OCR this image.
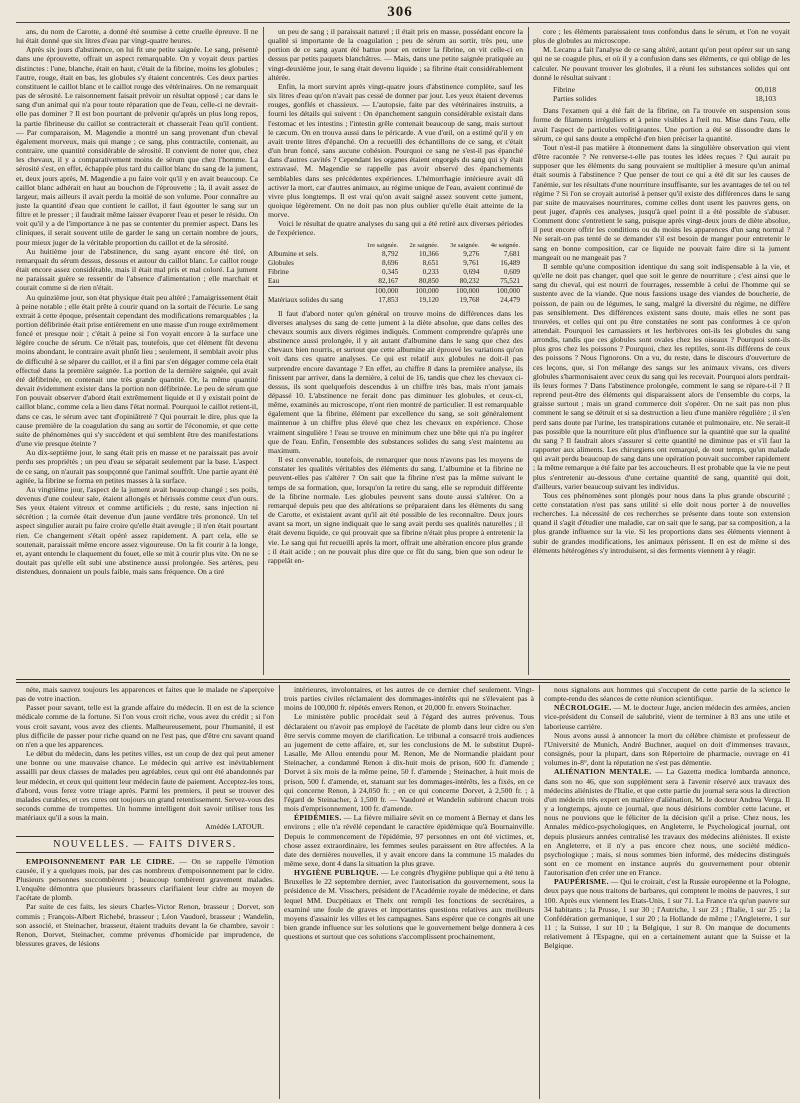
306

ans, du nom de Carotte, a donné été soumise à cette cruelle épreuve. Il ne lui était donné que six litres d'eau par vingt-quatre heures.

Après six jours d'abstinence, on lui fit une petite saignée. Le sang, présenté dans une éprouvette, offrait un aspect remarquable. On y voyait deux parties distinctes : l'une, blanche, était en haut, c'était de la fibrine, moins les globules ; l'autre, rouge, était en bas, les globules s'y étaient concentrés. Ces deux parties constituent le caillot blanc et le caillot rouge des vétérinaires. On ne remarquait pas de sérosité. Le raisonnement faisait prévoir un résultat opposé ; car dans le sang d'un animal qui n'a pour toute réparation que de l'eau, celle-ci ne devrait-elle pas dominer ? Il est bon pourtant de prévenir qu'après un plus long repos, la partie fibrineuse du caillot se contracterait et chasserait l'eau qu'il contient. — Par comparaison, M. Magendie a montré un sang provenant d'un cheval également morveux, mais qui mange ; ce sang, plus contractile, contenait, au contraire, une quantité considérable de sérosité. Il convient de noter que, chez les chevaux, il y a comparativement moins de sérum que chez l'homme. La sérosité s'est, en effet, échappée plus tard du caillot blanc du sang de la jument, et, deux jours après, M. Magendie a pu faire voir qu'il y en avait beaucoup. Ce caillot blanc adhérait en haut au bouchon de l'éprouvette ; là, il avait assez de largeur, mais ailleurs il avait perdu la moitié de son volume. Pour connaître au juste la quantité d'eau que contient le caillot, il faut égoutter le sang sur un filtre et le presser ; il faudrait même laisser évaporer l'eau et peser le résidu. On voit qu'il y a de l'importance à ne pas se contenter du premier aspect. Dans les cliniques, il serait souvent utile de garder le sang un certain nombre de jours, pour mieux juger de la véritable proportion du caillot et de la sérosité.

Au huitième jour de l'abstinence, du sang ayant encore été tiré, on remarquait du sérum dessus, dessous et autour du caillot blanc. Le caillot rouge était encore assez considérable, mais il était mal pris et mal coloré. La jument ne paraissait guère se ressentir de l'absence d'alimentation ; elle marchait et courait comme si de rien n'était.

Au quinzième jour, son état physique était peu altéré ; l'amaigrissement était à peine notable ; elle était prête à courir quand on la sortait de l'écurie. Le sang extrait à cette époque, présentait cependant des modifications remarquables ; la portion défibrinée était prise entièrement en une masse d'un rouge extrêmement foncé et presque noir ; c'était à peine si l'on voyait encore à la surface une légère couche de sérum. Ce n'était pas, toutefois, que cet élément fût devenu moins abondant, le contraire avait plutôt lieu ; seulement, il semblait avoir plus de difficulté à se séparer du caillot, et il a fini par s'en dégager comme cela était effectué dans la première saignée. La portion de la dernière saignée, qui avait été défibrinée, en contenait une très grande quantité. Or, la même quantité devait évidemment exister dans la portion non défibrinée. Le peu de sérum que l'on pouvait observer d'abord était extrêmement liquide et il y existait point de caillot blanc, comme cela a lieu dans l'état normal. Pourquoi le caillot retient-il, dans ce cas, le sérum avec tant d'opiniâtreté ? Qui pourrait le dire, plus que la cause première de la coagulation du sang au sortir de l'économie, et que cette suite de phénomènes qui s'y succèdent et qui semblent être des manifestations d'une vie presque éteinte ?

Au dix-septième jour, le sang était pris en masse et ne paraissait pas avoir perdu ses propriétés ; un peu d'eau se séparait seulement par la base. L'aspect de ce sang, on n'aurait pas soupçonné que l'animal souffrît. Une partie ayant été agitée, la fibrine se forma en petites masses à la surface.

Au vingtième jour, l'aspect de la jument avait beaucoup changé ; ses poils, devenus d'une couleur sale, étaient allongés et hérissés comme ceux d'un ours. Ses yeux étaient vitreux et comme artificiels ; du reste, sans injection ni sécrétion ; la cornée était devenue d'un jaune verdâtre très prononcé. Un tel aspect singulier aurait pu faire croire qu'elle était aveugle ; il n'en était pourtant rien. Ce changement s'était opéré assez rapidement. A part cela, elle se soutenait, paraissait même encore assez vigoureuse. On la fit courir à la longe, et, ayant entendu le claquement du fouet, elle se mit à courir plus vite. On ne se doutait pas qu'elle eût subi une abstinence aussi prolongée. Ses artères, peu distendues, donnaient un pouls faible, mais sans fréquence. On a tiré

un peu de sang ; il paraissait naturel ; il était pris en masse, possédant encore la qualité si importante de la coagulation ; peu de sérum au sortir, très peu, une portion de ce sang ayant été battue pour en retirer la fibrine, on vit celle-ci en dessus par petits paquets blanchâtres. — Mais, dans une petite saignée pratiquée au vingt-deuxième jour, le sang était devenu liquide ; sa fibrine était considérablement altérée.

Enfin, la mort survint après vingt-quatre jours d'abstinence complète, sauf les six litres d'eau qu'on n'avait pas cessé de donner par jour. Les yeux étaient devenus rouges, gonflés et chassieux. — L'autopsie, faite par des vétérinaires instruits, a fourni les détails qui suivent : On épanchement sanguin considérable existait dans l'estomac et les intestins ; l'intestin grêle contenait beaucoup de sang, mais surtout le cæcum. On en trouva aussi dans le péricarde. A vue d'œil, on a estimé qu'il y en avait trente litres d'épanché. On a recueilli des échantillons de ce sang, et c'était d'un brun foncé, sans aucune cohésion. Pourquoi ce sang ne s'est-il pas épanché dans d'autres cavités ? Cependant les organes étaient engorgés du sang qui s'y était extravasé. M. Magendie se rappelle pas avoir observé des épanchements semblables dans ses précédentes expériences. L'hémorrhagie intérieure avait dû activer la mort, car d'autres animaux, au régime unique de l'eau, avaient continué de vivre plus longtemps. Il est vrai qu'on avait saigné assez souvent cette jument, quoique légèrement. On ne doit pas non plus oublier qu'elle était atteinte de la morve.

Voici le résultat de quatre analyses du sang qui a été retiré aux diverses périodes de l'expérience.

	1re saignée.	2e saignée.	3e saignée.	4e saignée.
Albumine et sels.	8,792	10,366	9,276	7,681
Globules	8,696	8,651	9,761	16,489
Fibrine	0,345	0,233	0,694	0,609
Eau	82,167	80,850	80,232	75,521
	100,000	100,000	100,000	100,000
Matériaux solides du sang	17,853	19,120	19,768	24,479

Il faut d'abord noter qu'en général on trouve moins de différences dans les diverses analyses du sang de cette jument à la diète absolue, que dans celles des chevaux soumis aux divers régimes indiqués. Comment comprendre qu'après une abstinence aussi prolongée, il y ait autant d'albumine dans le sang que chez des chevaux bien nourris, et surtout que cette albumine ait éprouvé les variations qu'on voit dans ces quatre analyses. Ce qui est relatif aux globules ne doit-il pas surprendre encore davantage ? En effet, au chiffre 8 dans la première analyse, ils finissent par arriver, dans la dernière, à celui de 16, tandis que chez les chevaux ci-dessus, ils sont quelquefois descendus à un chiffre très bas, mais n'ont jamais dépassé 10. L'abstinence ne ferait donc pas diminuer les globules, et ceux-ci, même, examinés au microscope, n'ont rien montré de particulier. Il est remarquable également que la fibrine, élément par excellence du sang, se soit généralement maintenue à un chiffre plus élevé que chez les chevaux en expérience. Chose vraiment singulière ! l'eau se trouve en minimum chez une bête qui n'a pu ingérer que de l'eau. Enfin, l'ensemble des substances solides du sang s'est maintenu au maximum.

Il est convenable, toutefois, de remarquer que nous n'avons pas les moyens de constater les qualités véritables des éléments du sang. L'albumine et la fibrine ne peuvent-elles pas s'altérer ? On sait que la fibrine n'est pas la même suivant le temps de sa formation, que, lorsqu'on la retire du sang, elle se reproduit différente de la fibrine normale. Les globules peuvent sans doute aussi s'altérer. On a remarqué depuis peu que des altérations se préparaient dans les éléments du sang de Carotte, et existaient avant qu'il ait été possible de les reconnaître. Deux jours avant sa mort, un signe indiquait que le sang avait perdu ses qualités naturelles ; il était devenu liquide, ce qui prouvait que sa fibrine n'était plus propre à entretenir la vie. Le sang qui fut recueilli après la mort, offrait une altération encore plus grande ; il était acide ; on ne pouvait plus dire que ce fût du sang, bien que son odeur le rappelât en-

core ; les éléments paraissaient tous confondus dans le sérum, et l'on ne voyait plus de globules au microscope.

M. Lecanu a fait l'analyse de ce sang altéré, autant qu'on peut opérer sur un sang qui ne se coagule plus, et où il y a confusion dans ses éléments, ce qui oblige de les calculer. Ne pouvant trouver les globules, il a réuni les substances solides qui ont donné le résultat suivant :

Fibrine	00,018
Parties solides	18,103

Dans l'examen qui a été fait de la fibrine, on l'a trouvée en suspension sous forme de filaments irréguliers et à peine visibles à l'œil nu. Mise dans l'eau, elle avait l'aspect de particules volitigeantes. Une portion a été se dissoudre dans le sérum, ce qui sans doute a empêché d'en bien préciser la quantité.

Tout n'est-il pas matière à étonnement dans la singulière observation qui vient d'être racontée ? Ne renverse-t-elle pas toutes les idées reçues ? Qui aurait pu supposer que les éléments du sang pouvaient se multiplier à mesure qu'un animal était soumis à l'abstinence ? Que penser de tout ce qui a été dit sur les causes de l'anémie, sur les résultats d'une nourriture insuffisante, sur les avantages de tel ou tel régime ? Si l'on se croyait autorisé à penser qu'il existe des différences dans le sang par suite de mauvaises nourritures, comme celles dont usent les pauvres gens, on peut juger, d'après ces analyses, jusqu'à quel point il a été possible de s'abuser. Comment donc s'entretient le sang, puisque après vingt-deux jours de diète absolue, il peut encore offrir les conditions ou du moins les apparences d'un sang normal ? Ne serait-on pas tenté de se demander s'il est besoin de manger pour entretenir le sang en bonne composition, car ce liquide ne pouvait faire dire si la jument mangeait ou ne mangeait pas ?

Il semble qu'une composition identique du sang soit indispensable à la vie, et qu'elle ne doit pas changer, quel que soit le genre de nourriture ; c'est ainsi que le sang du cheval, qui est nourri de fourrages, ressemble à celui de l'homme qui se sustente avec de la viande. Que nous fassions usage des viandes de boucherie, de poisson, de pain ou de légumes, le sang, malgré la diversité du régime, ne diffère pas sensiblement. Des différences existent sans doute, mais elles ne sont pas trouvées, et celles qui ont pu être constatées ne sont pas conformes à ce qu'on attendait. Pourquoi les carnassiers et les herbivores ont-ils les globules du sang arrondis, tandis que ces globules sont ovales chez les oiseaux ? Pourquoi sont-ils plus gros chez les poissons ? Pourquoi, chez les reptiles, sont-ils différens de ceux des poissons ? Nous l'ignorons. On a vu, du reste, dans le discours d'ouverture de ces leçons, que, si l'on mélange des sangs sur les animaux vivans, ces divers globules s'harmonisaient avec ceux du sang qui les recevait. Pourquoi alors perdrait-ils leurs formes ? Dans l'abstinence prolongée, comment le sang se répare-t-il ? Il reprend peut-être des éléments qui disparaissent alors de l'ensemble du corps, la graisse surtout ; mais un grand commerce doit s'opérer. On ne sait pas non plus comment le sang se détruit et si sa destruction a lieu d'une manière régulière ; il s'en perd sans doute par l'urine, les transpirations cutanée et pulmonaire, etc. Ne serait-il pas possible que la nourriture eût plus d'influence sur la quantité que sur la qualité du sang ? Il faudrait alors s'assurer si cette quantité ne diminue pas et s'il faut la rapporter aux aliments. Les chirurgiens ont remarqué, de tout temps, qu'un malade qui avait perdu beaucoup de sang dans une opération pouvait succomber rapidement ; la même remarque a été faite par les accoucheurs. Il est probable que la vie ne peut plus s'entretenir au-dessous d'une certaine quantité de sang, quantité qui doit, d'ailleurs, varier beaucoup suivant les individus.

Tous ces phénomènes sont plongés pour nous dans la plus grande obscurité ; cette constatation n'est pas sans utilité si elle doit nous porter à de nouvelles recherches. La nécessité de ces recherches se présente dans toute son extension quand il s'agit d'étudier une maladie, car on sait que le sang, par sa composition, a la plus grande influence sur la vie. Si les proportions dans ses éléments viennent à subir de grandes modifications, les animaux périssent. Il en est de même si des éléments hétérogènes s'y introduisent, si des ferments viennent à y réagir.

néte, mais sauvez toujours les apparences et faites que le malade ne s'aperçoive pas de votre inaction.

Passer pour savant, telle est la grande affaire du médecin. Il en est de la science médicale comme de la fortune. Si l'on vous croit riche, vous avez du crédit ; si l'on vous croit savant, vous avez des clients. Malheureusement, pour l'humanité, il est plus difficile de passer pour riche quand on ne l'est pas, que d'être cru savant quand on n'en a que les apparences.

Le début du médecin, dans les petites villes, est un coup de dez qui peut amener une bonne ou une mauvaise chance. Le médecin qui arrive est inévitablement assailli par deux classes de malades peu agréables, ceux qui ont été abandonnés par leur médecin, et ceux qui quittent leur médecin faute de paiement. Acceptez-les tous, d'abord, vous ferez votre triage après. Parmi les premiers, il peut se trouver des malades curables, et ces cures ont toujours un grand retentissement. Servez-vous des seconds comme de trompettes. Un homme intelligent doit savoir utiliser tous les matériaux qu'il a sous la main.

Amédée LATOUR.

NOUVELLES. — FAITS DIVERS.

EMPOISONNEMENT PAR LE CIDRE. — On se rappelle l'émotion causée, il y a quelques mois, par des cas nombreux d'empoisonnement par le cidre. Plusieurs personnes succombèrent ; beaucoup tombèrent gravement malades. L'enquête démontra que plusieurs brasseurs clarifiaient leur cidre au moyen de l'acétate de plomb.

Par suite de ces faits, les sieurs Charles-Victor Renon, brasseur ; Dorvet, son commis ; François-Albert Richebé, brasseur ; Léon Vaudoré, brasseur ; Wandelin, son associé, et Steinacher, brasseur, étaient traduits devant la 6e chambre, savoir : Renon, Dorvet, Steinacher, comme prévenus d'homicide par imprudence, de blessures graves, de lésions

intérieures, involontaires, et les autres de ce dernier chef seulement. Vingt-trois parties civiles réclamaient des dommages-intérêts qui ne s'élevaient pas à moins de 100,000 fr. répétés envers Renon, et 20,000 fr. envers Steinacher.

Le ministère public procédait seul à l'égard des autres prévenus. Tous déclaraient ou n'avoir pas employé de l'acétate de plomb dans leur cidre ou s'en être servis comme moyen de clarification. Le tribunal a consacré trois audiences au jugement de cette affaire, et, sur les conclusions de M. le substitut Dupré-Lasalle, Me Allou entendu pour M. Renon, Me de Normandie plaidant pour Steinacher, a condamné Renon à dix-huit mois de prison, 600 fr. d'amende ; Dorvet à six mois de la même peine, 50 f. d'amende ; Steinacher, à huit mois de prison, 500 f. d'amende, et, statuant sur les dommages-intérêts, les a fixés, en ce qui concerne Renon, à 24,050 fr. ; en ce qui concerne Dorvet, à 2,500 fr. ; à l'égard de Steinacher, à 1,500 fr. — Vaudoré et Wandelin subiront chacun trois mois d'emprisonnement, 100 fr. d'amende.

ÉPIDÉMIES. — La fièvre miliaire sévit en ce moment à Bernay et dans les environs ; elle n'a révélé cependant le caractère épidémique qu'à Bournainville. Depuis le commencement de l'épidémie, 97 personnes en ont été victimes, et, chose assez extraordinaire, les femmes seules paraissent en être affectées. A la date des dernières nouvelles, il y avait encore dans la commune 15 malades du même sexe, dont 4 dans la situation la plus grave.

HYGIÈNE PUBLIQUE. — Le congrès d'hygiène publique qui a été tenu à Bruxelles le 22 septembre dernier, avec l'autorisation du gouvernement, sous la présidence de M. Visschers, président de l'Académie royale de médecine, et dans lequel MM. Ducpétiaux et Thelx ont rempli les fonctions de secrétaires, a examiné une foule de graves et importantes questions relatives aux meilleurs moyens d'assainir les villes et les campagnes. Sans espérer que ce congrès ait une bien grande influence sur les solutions que le gouvernement belge donnera à ces questions et surtout que ces solutions s'accomplissent prochainement,

nous signalons aux hommes qui s'occupent de cette partie de la science le compte-rendu des séances de cette réunion scientifique.

NÉCROLOGIE. — M. le docteur Juge, ancien médecin des armées, ancien vice-président du Conseil de salubrité, vient de terminer à 83 ans une utile et laborieuse carrière.

Nous avons aussi à annoncer la mort du célèbre chimiste et professeur de l'Université de Munich, André Buchner, auquel on doit d'immenses travaux, consignés, pour la plupart, dans son Répertoire de pharmacie, ouvrage en 41 volumes in-8°, dont la réputation ne s'est pas démentie.

ALIÉNATION MENTALE. — La Gazetta medica lombarda annonce, dans son no 46, que son supplément sera à l'avenir réservé aux travaux des médecins aliénistes de l'Italie, et que cette partie du journal sera sous la direction d'un médecin très expert en matière d'aliénation, M. le docteur Andrea Verga. Il y a longtemps, ajoute ce journal, que nous désirions combler cette lacune, et nous ne pouvions que le féliciter de la décision qu'il a prise. Chez nous, les Annales médico-psychologiques, en Angleterre, le Psychological journal, ont depuis plusieurs années centralisé les travaux des médecins aliénistes. Il existe en Angleterre, et il n'y a pas encore chez nous, une société médico-psychologique ; mais, si nous sommes bien informé, des médecins distingués sont en ce moment en instance auprès du gouvernement pour obtenir l'autorisation d'en créer une en France.

PAUPÉRISME. — Qui le croirait, c'est la Russie européenne et la Pologne, deux pays que nous traitons de barbares, qui comptent le moins de pauvres, 1 sur 100. Après eux viennent les Etats-Unis, 1 sur 71. La France n'a qu'un pauvre sur 34 habitants ; la Prusse, 1 sur 30 ; l'Autriche, 1 sur 23 ; l'Italie, 1 sur 25 ; la Confédération germanique, 1 sur 20 ; la Hollande de même ; l'Angleterre, 1 sur 11 ; la Suisse, 1 sur 10 ; la Belgique, 1 sur 8. On manque de documents relativement à l'Espagne, qui en a certainement autant que la Suisse et la Belgique.
